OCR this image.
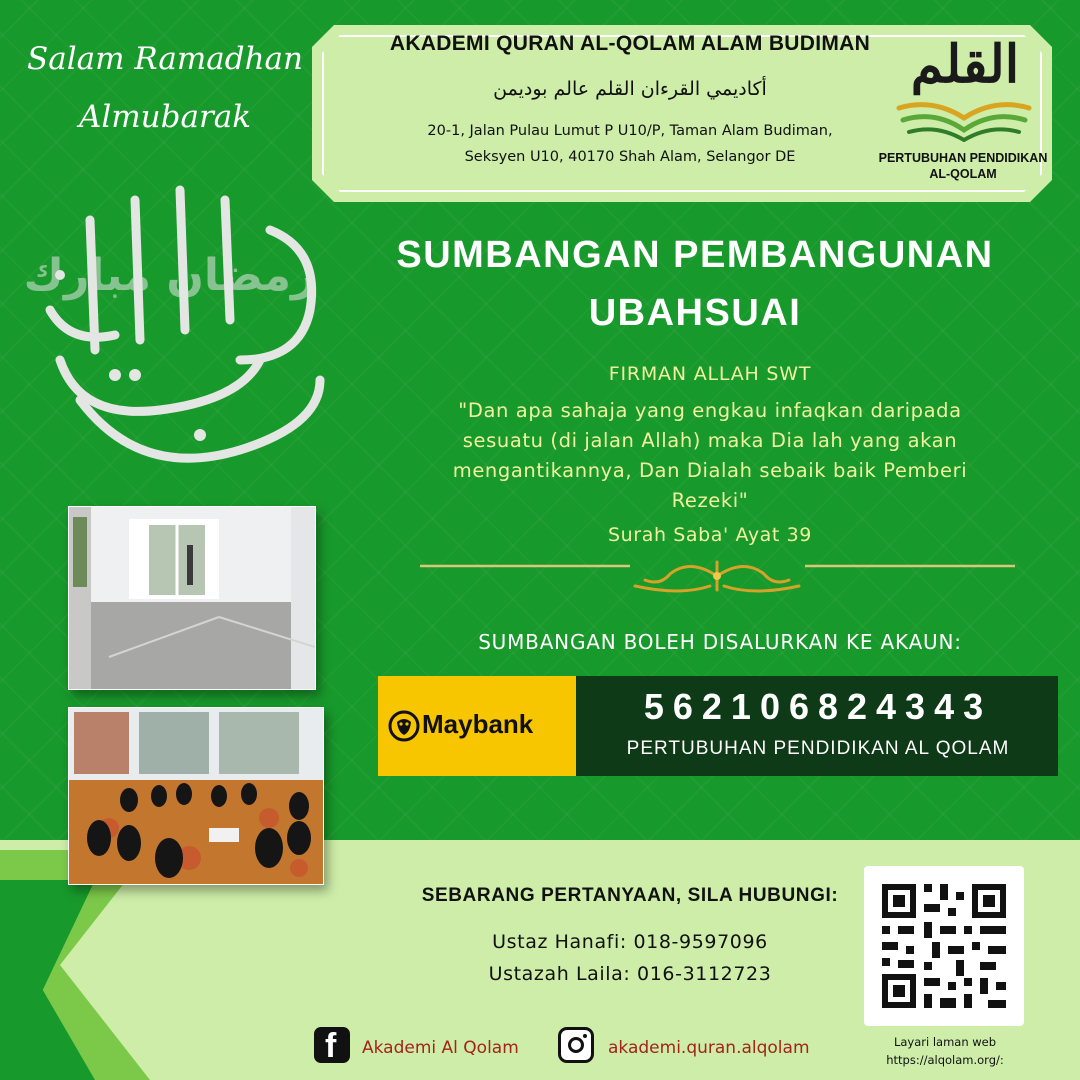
Salam Ramadhan
Almubarak
رمضان مبارك
AKADEMI QURAN AL-QOLAM ALAM BUDIMAN
أكاديمي القرءان القلم عالم بوديمن
20-1, Jalan Pulau Lumut P U10/P, Taman Alam Budiman,
Seksyen U10, 40170 Shah Alam, Selangor DE
القلم
PERTUBUHAN PENDIDIKAN
AL-QOLAM
SUMBANGAN PEMBANGUNAN
UBAHSUAI
FIRMAN ALLAH SWT
"Dan apa sahaja yang engkau infaqkan daripada
sesuatu (di jalan Allah) maka Dia lah yang akan
mengantikannya, Dan Dialah sebaik baik Pemberi
Rezeki"
Surah Saba' Ayat 39
SUMBANGAN BOLEH DISALURKAN KE AKAUN:
Maybank	562106824343
PERTUBUHAN PENDIDIKAN AL QOLAM
SEBARANG PERTANYAAN, SILA HUBUNGI:
Ustaz Hanafi: 018-9597096
Ustazah Laila: 016-3112723
Layari laman web
https://alqolam.org/:
f Akademi Al Qolam	akademi.quran.alqolam
